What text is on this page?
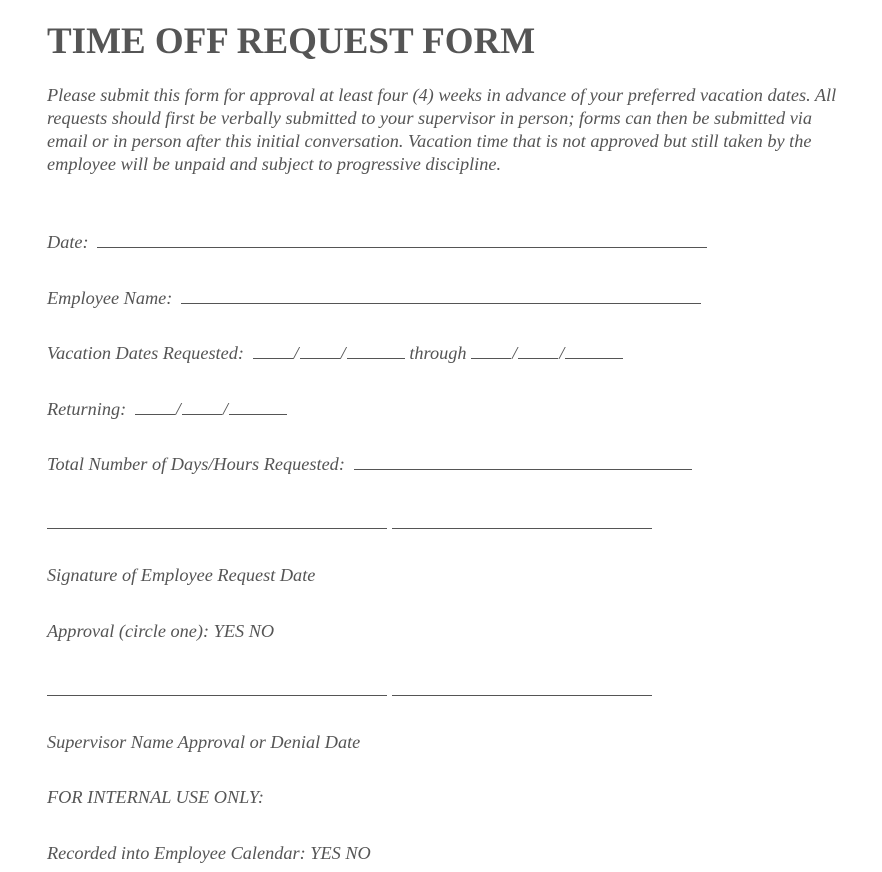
TIME OFF REQUEST FORM
Please submit this form for approval at least four (4) weeks in advance of your preferred vacation dates. All requests should first be verbally submitted to your supervisor in person; forms can then be submitted via email or in person after this initial conversation. Vacation time that is not approved but still taken by the employee will be unpaid and subject to progressive discipline.
Date:
Employee Name:
Vacation Dates Requested:	/ /	through / /
Returning:	/ /
Total Number of Days/Hours Requested:
Signature of Employee Request Date
Approval (circle one): YES NO
Supervisor Name Approval or Denial Date
FOR INTERNAL USE ONLY:
Recorded into Employee Calendar: YES NO
